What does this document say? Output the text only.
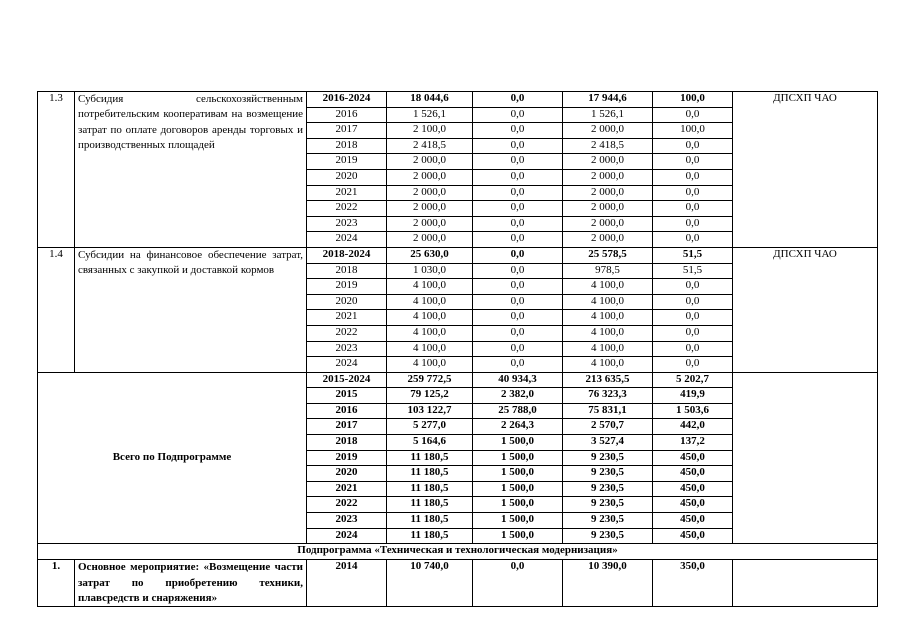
1.3	Субсидия сельскохозяйственным потребительским кооперативам на возмещение затрат по оплате договоров аренды торговых и производственных площадей	2016-2024	18 044,6	0,0	17 944,6	100,0	ДПСХП ЧАО
		2016	1 526,1	0,0	1 526,1	0,0	
		2017	2 100,0	0,0	2 000,0	100,0	
		2018	2 418,5	0,0	2 418,5	0,0	
		2019	2 000,0	0,0	2 000,0	0,0	
		2020	2 000,0	0,0	2 000,0	0,0	
		2021	2 000,0	0,0	2 000,0	0,0	
		2022	2 000,0	0,0	2 000,0	0,0	
		2023	2 000,0	0,0	2 000,0	0,0	
		2024	2 000,0	0,0	2 000,0	0,0	
1.4	Субсидии на финансовое обеспечение затрат, связанных с закупкой и доставкой кормов	2018-2024	25 630,0	0,0	25 578,5	51,5	ДПСХП ЧАО
		2018	1 030,0	0,0	978,5	51,5	
		2019	4 100,0	0,0	4 100,0	0,0	
		2020	4 100,0	0,0	4 100,0	0,0	
		2021	4 100,0	0,0	4 100,0	0,0	
		2022	4 100,0	0,0	4 100,0	0,0	
		2023	4 100,0	0,0	4 100,0	0,0	
		2024	4 100,0	0,0	4 100,0	0,0	
Всего по Подпрограмме		2015-2024	259 772,5	40 934,3	213 635,5	5 202,7	
		2015	79 125,2	2 382,0	76 323,3	419,9	
		2016	103 122,7	25 788,0	75 831,1	1 503,6	
		2017	5 277,0	2 264,3	2 570,7	442,0	
		2018	5 164,6	1 500,0	3 527,4	137,2	
		2019	11 180,5	1 500,0	9 230,5	450,0	
		2020	11 180,5	1 500,0	9 230,5	450,0	
		2021	11 180,5	1 500,0	9 230,5	450,0	
		2022	11 180,5	1 500,0	9 230,5	450,0	
		2023	11 180,5	1 500,0	9 230,5	450,0	
		2024	11 180,5	1 500,0	9 230,5	450,0	
Подпрограмма «Техническая и технологическая модернизация»							
1.	Основное мероприятие: «Возмещение части затрат по приобретению техники, плавсредств и снаряжения»	2014	10 740,0	0,0	10 390,0	350,0	
